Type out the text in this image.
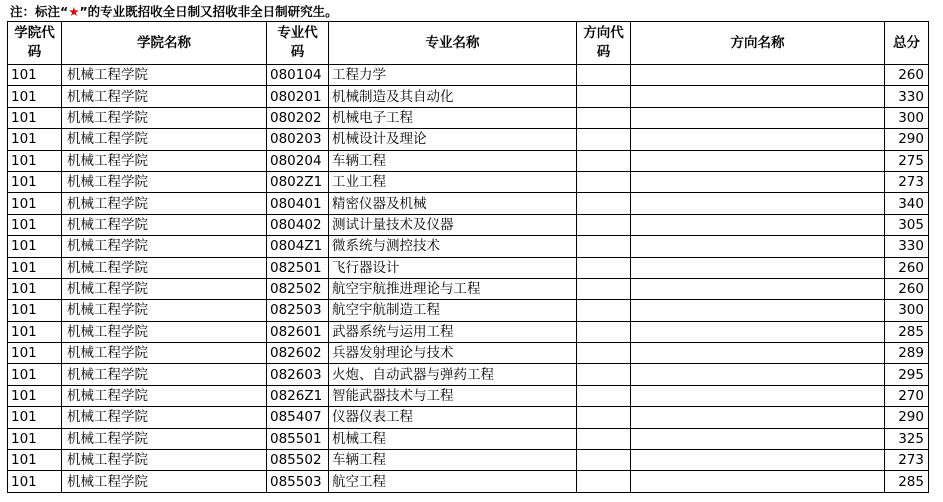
注：标注“★”的专业既招收全日制又招收非全日制研究生。
学院代码	学院名称	专业代码	专业名称	方向代码	方向名称	总分
101	机械工程学院	080104	工程力学			260
101	机械工程学院	080201	机械制造及其自动化			330
101	机械工程学院	080202	机械电子工程			300
101	机械工程学院	080203	机械设计及理论			290
101	机械工程学院	080204	车辆工程			275
101	机械工程学院	0802Z1	工业工程			273
101	机械工程学院	080401	精密仪器及机械			340
101	机械工程学院	080402	测试计量技术及仪器			305
101	机械工程学院	0804Z1	微系统与测控技术			330
101	机械工程学院	082501	飞行器设计			260
101	机械工程学院	082502	航空宇航推进理论与工程			260
101	机械工程学院	082503	航空宇航制造工程			300
101	机械工程学院	082601	武器系统与运用工程			285
101	机械工程学院	082602	兵器发射理论与技术			289
101	机械工程学院	082603	火炮、自动武器与弹药工程			295
101	机械工程学院	0826Z1	智能武器技术与工程			270
101	机械工程学院	085407	仪器仪表工程			290
101	机械工程学院	085501	机械工程			325
101	机械工程学院	085502	车辆工程			273
101	机械工程学院	085503	航空工程			285
